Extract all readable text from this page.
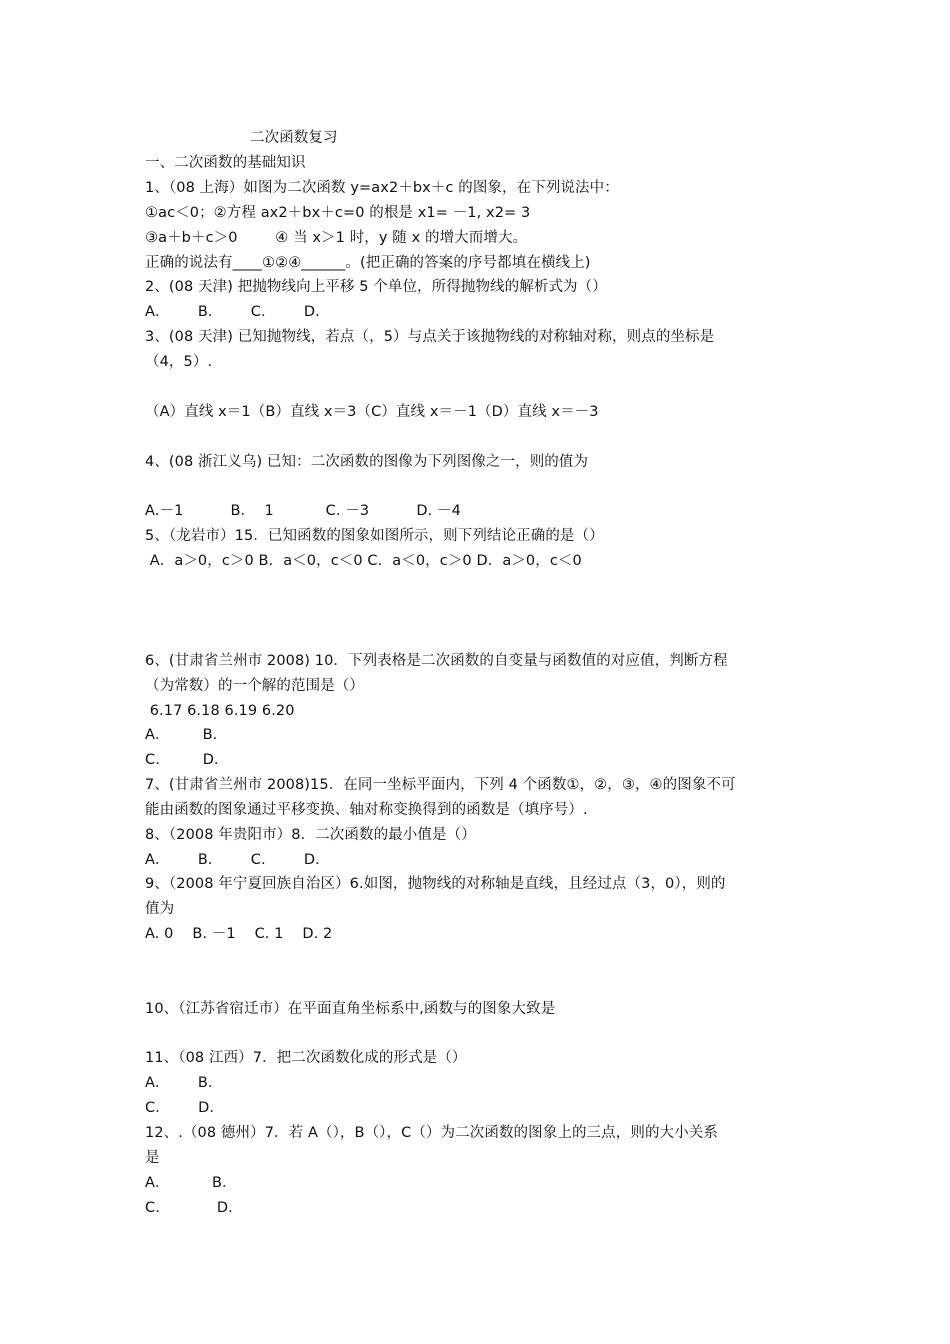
二次函数复习
一、二次函数的基础知识
1、（08 上海）如图为二次函数 y=ax2＋bx＋c 的图象，在下列说法中：
①ac＜0；②方程 ax2＋bx＋c=0 的根是 x1= －1, x2= 3
③a＋b＋c＞0        ④ 当 x＞1 时，y 随 x 的增大而增大。
正确的说法有____①②④______。(把正确的答案的序号都填在横线上)
2、(08 天津) 把抛物线向上平移 5 个单位，所得抛物线的解析式为（）
A．      B．      C．      D．
3、(08 天津) 已知抛物线，若点（，5）与点关于该抛物线的对称轴对称，则点的坐标是
（4，5）.
（A）直线 x＝1（B）直线 x＝3（C）直线 x＝－1（D）直线 x＝－3
4、(08 浙江义乌) 已知：二次函数的图像为下列图像之一，则的值为
A.－1          B．  1           C. －3          D. －4
5、（龙岩市）15．已知函数的图象如图所示，则下列结论正确的是（）
A．a＞0，c＞0 B．a＜0，c＜0 C．a＜0，c＞0 D．a＞0，c＜0
6、(甘肃省兰州市 2008) 10．下列表格是二次函数的自变量与函数值的对应值，判断方程
（为常数）的一个解的范围是（）
6.17 6.18 6.19 6.20
A．       B．
C．       D．
7、(甘肃省兰州市 2008)15．在同一坐标平面内，下列 4 个函数①，②，③，④的图象不可
能由函数的图象通过平移变换、轴对称变换得到的函数是（填序号）.
8、（2008 年贵阳市）8．二次函数的最小值是（）
A．      B．      C．      D．
9、（2008 年宁夏回族自治区）6.如图，抛物线的对称轴是直线，且经过点（3，0），则的
值为
A. 0    B. －1    C. 1    D. 2
10、（江苏省宿迁市）在平面直角坐标系中,函数与的图象大致是
11、（08 江西）7．把二次函数化成的形式是（）
A．      B．
C．      D．
12、.（08 德州）7．若 A（），B（），C（）为二次函数的图象上的三点，则的大小关系
是
A．         B．
C．          D．
